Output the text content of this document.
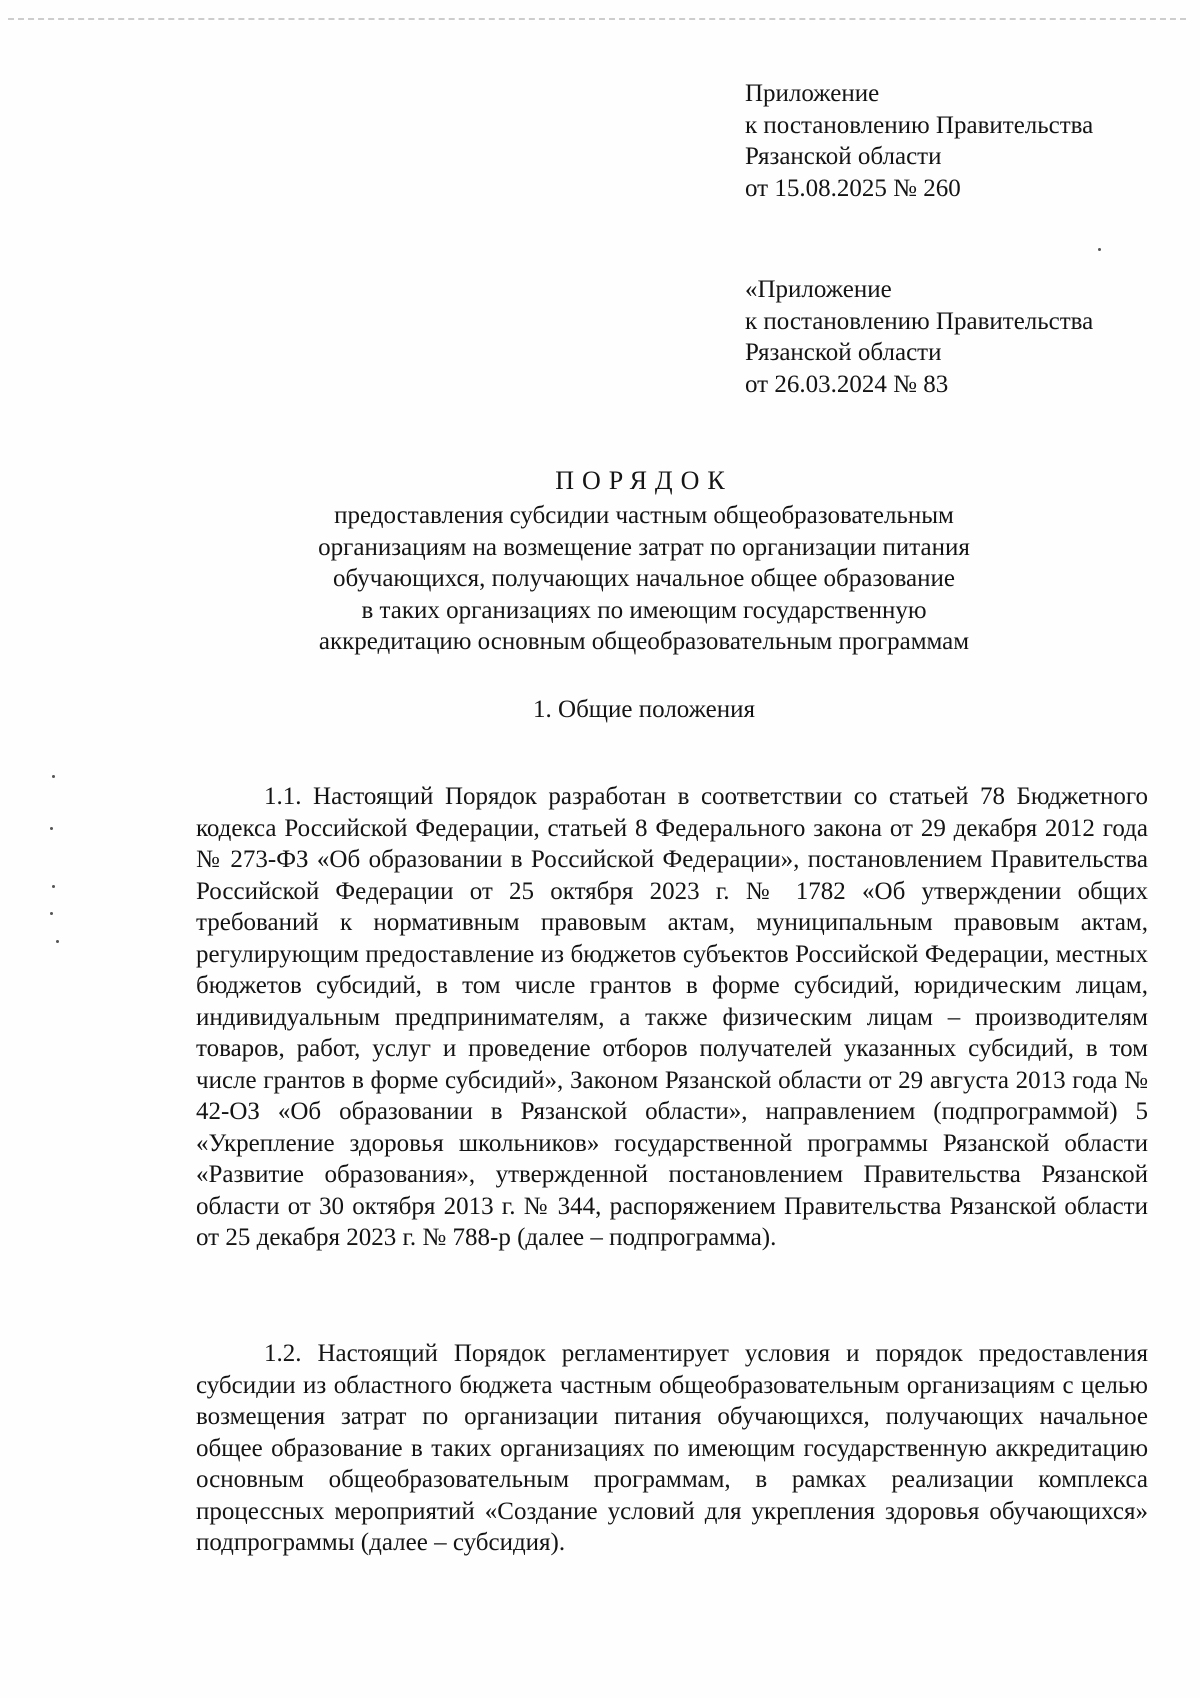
Приложение
к постановлению Правительства
Рязанской области
от 15.08.2025 № 260
«Приложение
к постановлению Правительства
Рязанской области
от 26.03.2024 № 83
ПОРЯДОК
предоставления субсидии частным общеобразовательным
организациям на возмещение затрат по организации питания
обучающихся, получающих начальное общее образование
в таких организациях по имеющим государственную
аккредитацию основным общеобразовательным программам
1. Общие положения

1.1. Настоящий Порядок разработан в соответствии со статьей 78 Бюджетного кодекса Российской Федерации, статьей 8 Федерального закона от 29 декабря 2012 года № 273-ФЗ «Об образовании в Российской Федерации», постановлением Правительства Российской Федерации от 25 октября 2023 г. № 1782 «Об утверждении общих требований к нормативным правовым актам, муниципальным правовым актам, регулирующим предоставление из бюджетов субъектов Российской Федерации, местных бюджетов субсидий, в том числе грантов в форме субсидий, юридическим лицам, индивидуальным предпринимателям, а также физическим лицам – производителям товаров, работ, услуг и проведение отборов получателей указанных субсидий, в том числе грантов в форме субсидий», Законом Рязанской области от 29 августа 2013 года № 42-ОЗ «Об образовании в Рязанской области», направлением (подпрограммой) 5 «Укрепление здоровья школьников» государственной программы Рязанской области «Развитие образования», утвержденной постановлением Правительства Рязанской области от 30 октября 2013 г. № 344, распоряжением Правительства Рязанской области от 25 декабря 2023 г. № 788-р (далее – подпрограмма).

1.2. Настоящий Порядок регламентирует условия и порядок предоставления субсидии из областного бюджета частным общеобразовательным организациям с целью возмещения затрат по организации питания обучающихся, получающих начальное общее образование в таких организациях по имеющим государственную аккредитацию основным общеобразовательным программам, в рамках реализации комплекса процессных мероприятий «Создание условий для укрепления здоровья обучающихся» подпрограммы (далее – субсидия).
